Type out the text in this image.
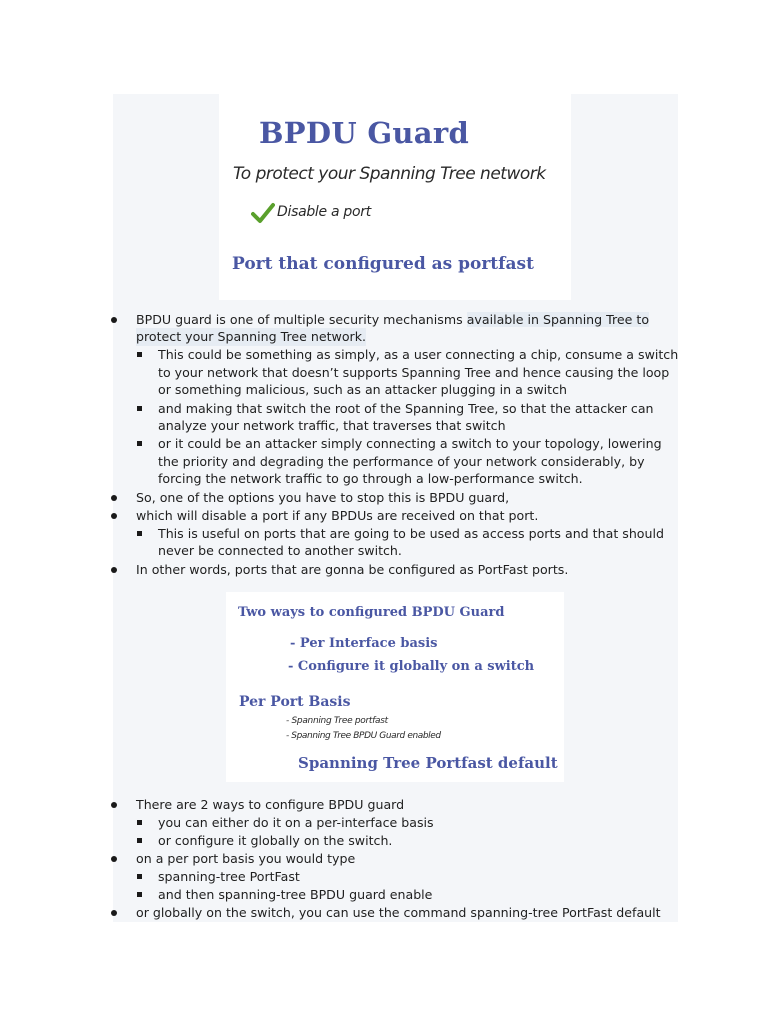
BPDU Guard
To protect your Spanning Tree network
Disable a port
Port that configured as portfast
Two ways to configured BPDU Guard
- Per Interface basis
- Configure it globally on a switch
Per Port Basis
- Spanning Tree portfast
- Spanning Tree BPDU Guard enabled
Spanning Tree Portfast default
BPDU guard is one of multiple security mechanisms available in Spanning Tree to
protect your Spanning Tree network.
This could be something as simply, as a user connecting a chip, consume a switch
to your network that doesn’t supports Spanning Tree and hence causing the loop
or something malicious, such as an attacker plugging in a switch
and making that switch the root of the Spanning Tree, so that the attacker can
analyze your network traffic, that traverses that switch
or it could be an attacker simply connecting a switch to your topology, lowering
the priority and degrading the performance of your network considerably, by
forcing the network traffic to go through a low-performance switch.
So, one of the options you have to stop this is BPDU guard,
which will disable a port if any BPDUs are received on that port.
This is useful on ports that are going to be used as access ports and that should
never be connected to another switch.
In other words, ports that are gonna be configured as PortFast ports.
There are 2 ways to configure BPDU guard
you can either do it on a per-interface basis
or configure it globally on the switch.
on a per port basis you would type
spanning-tree PortFast
and then spanning-tree BPDU guard enable
or globally on the switch, you can use the command spanning-tree PortFast default
